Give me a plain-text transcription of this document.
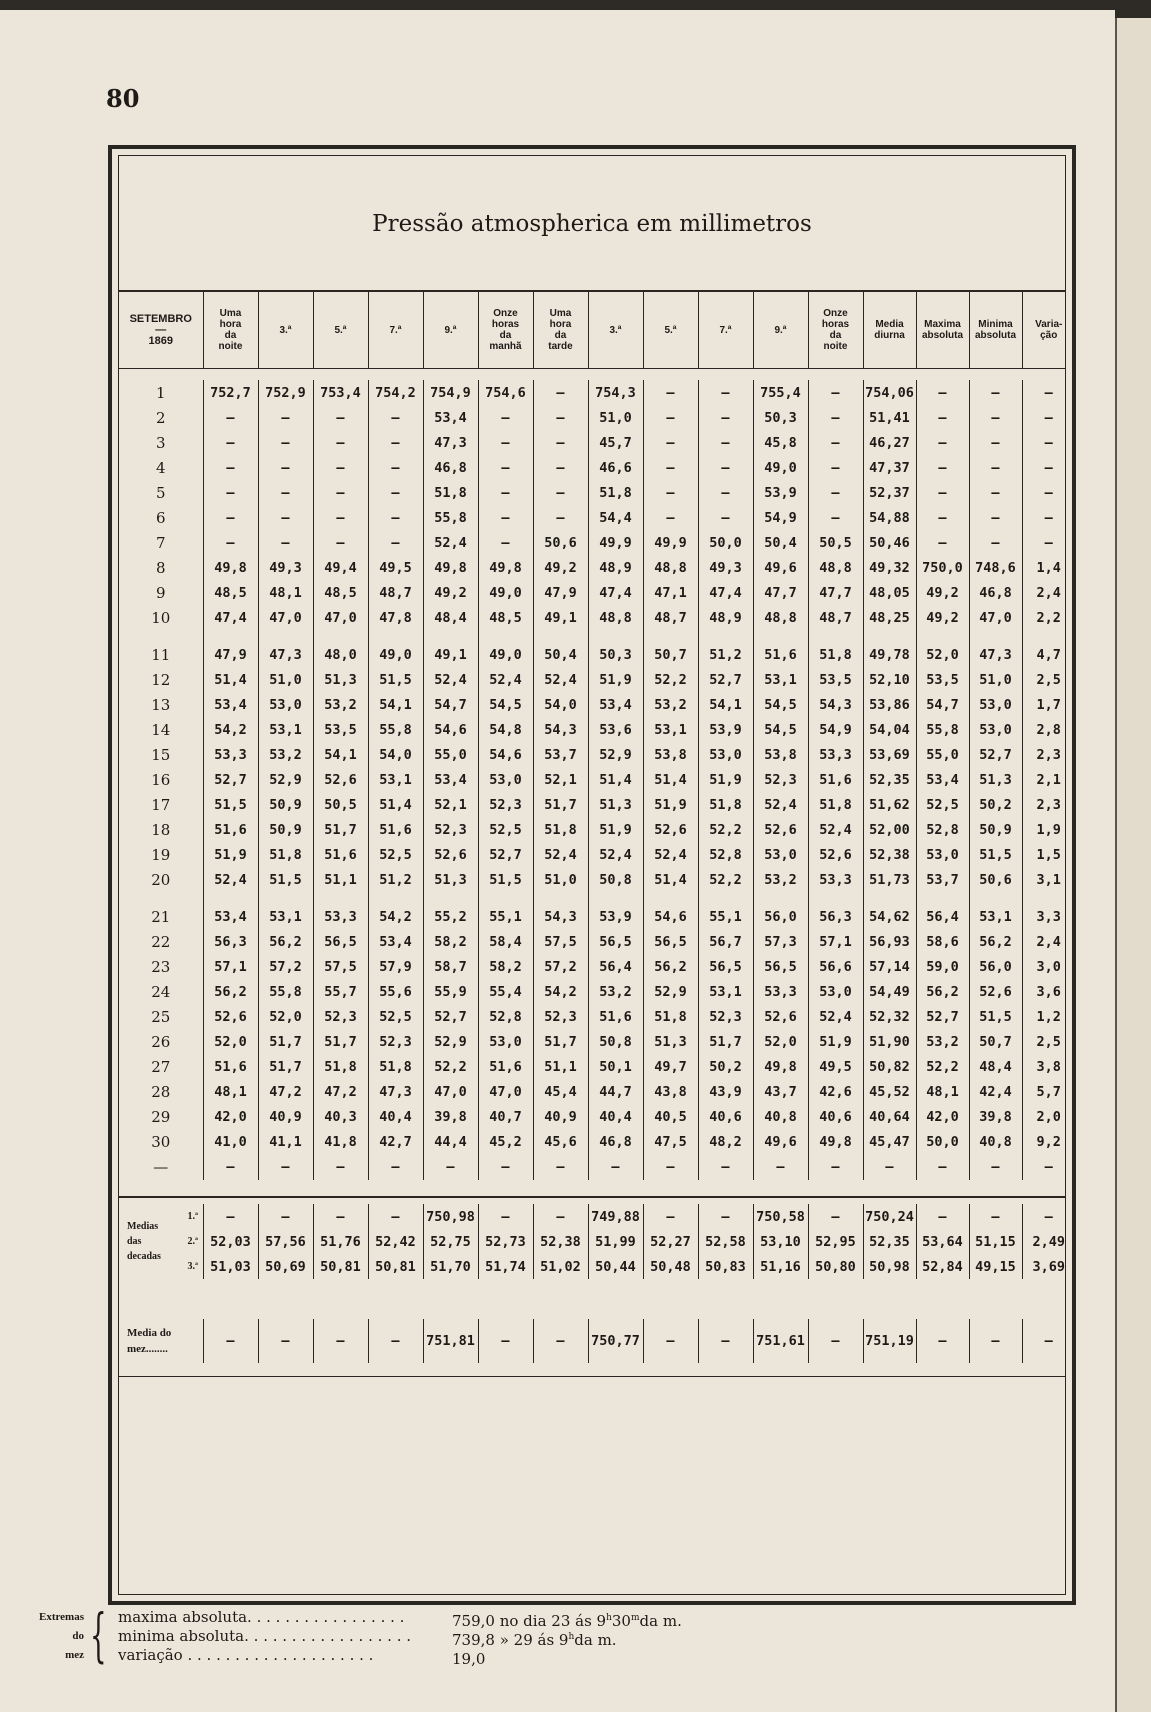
80
Pressão atmospherica em millimetros
SETEMBRO
—
1869	Uma
hora
da
noite	3.ª	5.ª	7.ª	9.ª	Onze
horas
da
manhã	Uma
hora
da
tarde	3.ª	5.ª	7.ª	9.ª	Onze
horas
da
noite	Media
diurna	Maxima
absoluta	Minima
absoluta	Varia-
ção
1	752,7	752,9	753,4	754,2	754,9	754,6	—	754,3	—	—	755,4	—	754,06	—	—	—
2	—	—	—	—	53,4	—	—	51,0	—	—	50,3	—	51,41	—	—	—
3	—	—	—	—	47,3	—	—	45,7	—	—	45,8	—	46,27	—	—	—
4	—	—	—	—	46,8	—	—	46,6	—	—	49,0	—	47,37	—	—	—
5	—	—	—	—	51,8	—	—	51,8	—	—	53,9	—	52,37	—	—	—
6	—	—	—	—	55,8	—	—	54,4	—	—	54,9	—	54,88	—	—	—
7	—	—	—	—	52,4	—	50,6	49,9	49,9	50,0	50,4	50,5	50,46	—	—	—
8	49,8	49,3	49,4	49,5	49,8	49,8	49,2	48,9	48,8	49,3	49,6	48,8	49,32	750,0	748,6	1,4
9	48,5	48,1	48,5	48,7	49,2	49,0	47,9	47,4	47,1	47,4	47,7	47,7	48,05	49,2	46,8	2,4
10	47,4	47,0	47,0	47,8	48,4	48,5	49,1	48,8	48,7	48,9	48,8	48,7	48,25	49,2	47,0	2,2

11	47,9	47,3	48,0	49,0	49,1	49,0	50,4	50,3	50,7	51,2	51,6	51,8	49,78	52,0	47,3	4,7
12	51,4	51,0	51,3	51,5	52,4	52,4	52,4	51,9	52,2	52,7	53,1	53,5	52,10	53,5	51,0	2,5
13	53,4	53,0	53,2	54,1	54,7	54,5	54,0	53,4	53,2	54,1	54,5	54,3	53,86	54,7	53,0	1,7
14	54,2	53,1	53,5	55,8	54,6	54,8	54,3	53,6	53,1	53,9	54,5	54,9	54,04	55,8	53,0	2,8
15	53,3	53,2	54,1	54,0	55,0	54,6	53,7	52,9	53,8	53,0	53,8	53,3	53,69	55,0	52,7	2,3
16	52,7	52,9	52,6	53,1	53,4	53,0	52,1	51,4	51,4	51,9	52,3	51,6	52,35	53,4	51,3	2,1
17	51,5	50,9	50,5	51,4	52,1	52,3	51,7	51,3	51,9	51,8	52,4	51,8	51,62	52,5	50,2	2,3
18	51,6	50,9	51,7	51,6	52,3	52,5	51,8	51,9	52,6	52,2	52,6	52,4	52,00	52,8	50,9	1,9
19	51,9	51,8	51,6	52,5	52,6	52,7	52,4	52,4	52,4	52,8	53,0	52,6	52,38	53,0	51,5	1,5
20	52,4	51,5	51,1	51,2	51,3	51,5	51,0	50,8	51,4	52,2	53,2	53,3	51,73	53,7	50,6	3,1

21	53,4	53,1	53,3	54,2	55,2	55,1	54,3	53,9	54,6	55,1	56,0	56,3	54,62	56,4	53,1	3,3
22	56,3	56,2	56,5	53,4	58,2	58,4	57,5	56,5	56,5	56,7	57,3	57,1	56,93	58,6	56,2	2,4
23	57,1	57,2	57,5	57,9	58,7	58,2	57,2	56,4	56,2	56,5	56,5	56,6	57,14	59,0	56,0	3,0
24	56,2	55,8	55,7	55,6	55,9	55,4	54,2	53,2	52,9	53,1	53,3	53,0	54,49	56,2	52,6	3,6
25	52,6	52,0	52,3	52,5	52,7	52,8	52,3	51,6	51,8	52,3	52,6	52,4	52,32	52,7	51,5	1,2
26	52,0	51,7	51,7	52,3	52,9	53,0	51,7	50,8	51,3	51,7	52,0	51,9	51,90	53,2	50,7	2,5
27	51,6	51,7	51,8	51,8	52,2	51,6	51,1	50,1	49,7	50,2	49,8	49,5	50,82	52,2	48,4	3,8
28	48,1	47,2	47,2	47,3	47,0	47,0	45,4	44,7	43,8	43,9	43,7	42,6	45,52	48,1	42,4	5,7
29	42,0	40,9	40,3	40,4	39,8	40,7	40,9	40,4	40,5	40,6	40,8	40,6	40,64	42,0	39,8	2,0
30	41,0	41,1	41,8	42,7	44,4	45,2	45,6	46,8	47,5	48,2	49,6	49,8	45,47	50,0	40,8	9,2
—	—	—	—	—	—	—	—	—	—	—	—	—	—	—	—	—
Medias
das
decadas	1.ª	—	—	—	—	750,98	—	—	749,88	—	—	750,58	—	750,24	—	—	—
	2.ª	52,03	57,56	51,76	52,42	52,75	52,73	52,38	51,99	52,27	52,58	53,10	52,95	52,35	53,64	51,15	2,49
	3.ª	51,03	50,69	50,81	50,81	51,70	51,74	51,02	50,44	50,48	50,83	51,16	50,80	50,98	52,84	49,15	3,69

Media do
mez........		—	—	—	—	751,81	—	—	750,77	—	—	751,61	—	751,19	—	—	—
Extremas
do
mez { maxima absoluta. . . . . . . . . . . . . . . . .	759,0 no dia 23 ás 9$^h$30$^m$da m.
minima absoluta. . . . . . . . . . . . . . . . . .	739,8 » 29 ás 9$^h$da m.
variação . . . . . . . . . . . . . . . . . . . .	19,0
